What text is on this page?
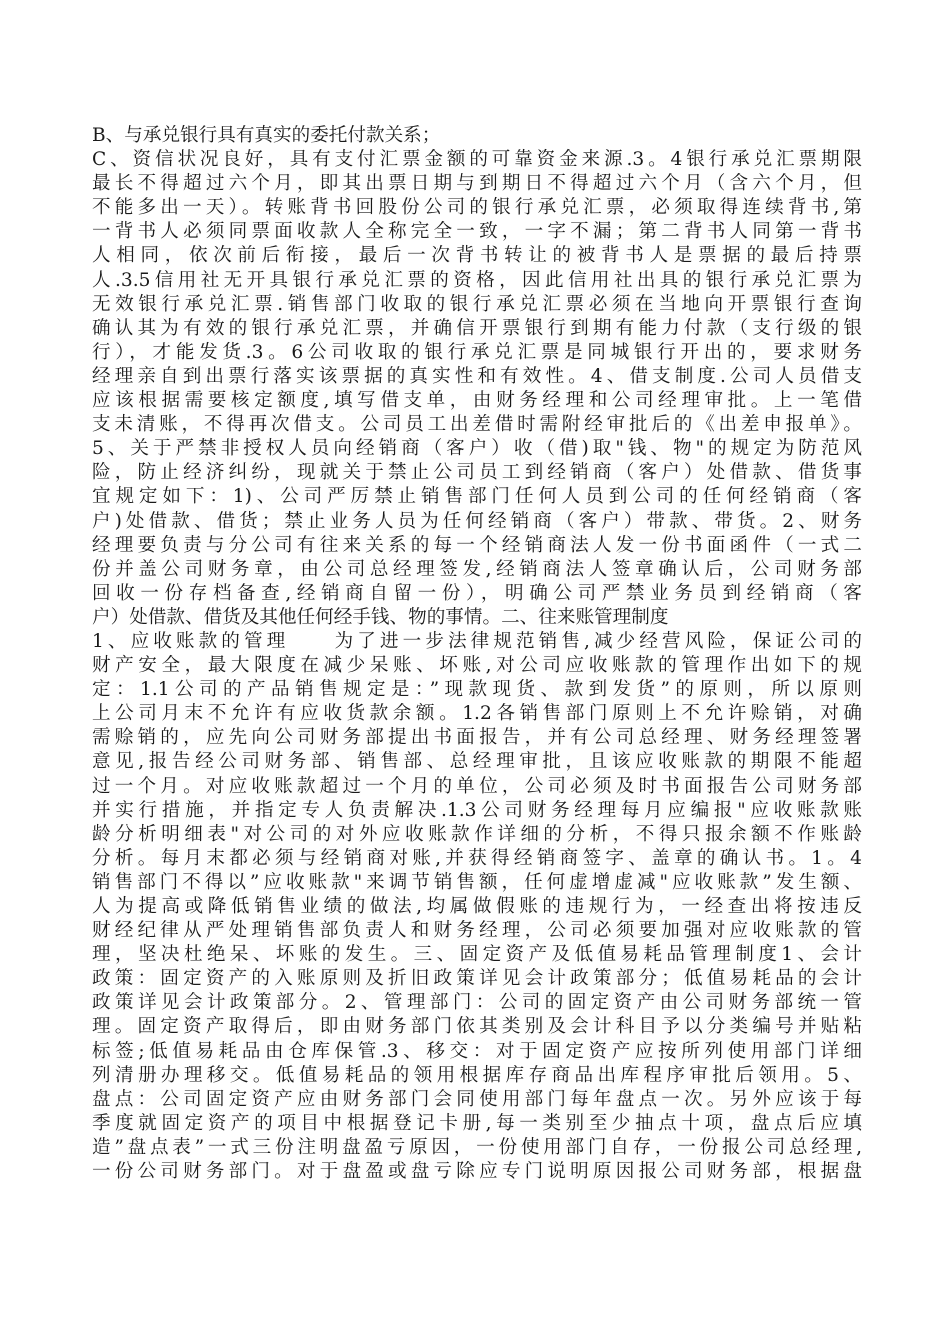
B、与承兑银行具有真实的委托付款关系；
C、资信状况良好，具有支付汇票金额的可靠资金来源.3。4银行承兑汇票期限
最长不得超过六个月，即其出票日期与到期日不得超过六个月（含六个月，但
不能多出一天）。转账背书回股份公司的银行承兑汇票，必须取得连续背书,第
一背书人必须同票面收款人全称完全一致，一字不漏；第二背书人同第一背书
人相同，依次前后衔接，最后一次背书转让的被背书人是票据的最后持票
人.3.5信用社无开具银行承兑汇票的资格，因此信用社出具的银行承兑汇票为
无效银行承兑汇票.销售部门收取的银行承兑汇票必须在当地向开票银行查询
确认其为有效的银行承兑汇票，并确信开票银行到期有能力付款（支行级的银
行），才能发货.3。6公司收取的银行承兑汇票是同城银行开出的，要求财务
经理亲自到出票行落实该票据的真实性和有效性。4、借支制度.公司人员借支
应该根据需要核定额度,填写借支单，由财务经理和公司经理审批。上一笔借
支未清账，不得再次借支。公司员工出差借时需附经审批后的《出差申报单》。
5、关于严禁非授权人员向经销商（客户）收（借)取"钱、物"的规定为防范风
险，防止经济纠纷，现就关于禁止公司员工到经销商（客户）处借款、借货事
宜规定如下：1)、公司严厉禁止销售部门任何人员到公司的任何经销商（客
户)处借款、借货；禁止业务人员为任何经销商（客户）带款、带货。2、财务
经理要负责与分公司有往来关系的每一个经销商法人发一份书面函件（一式二
份并盖公司财务章，由公司总经理签发,经销商法人签章确认后，公司财务部
回收一份存档备查,经销商自留一份），明确公司严禁业务员到经销商（客
户）处借款、借货及其他任何经手钱、物的事情。二、往来账管理制度
1、应收账款的管理　　为了进一步法律规范销售,减少经营风险，保证公司的
财产安全，最大限度在减少呆账、坏账,对公司应收账款的管理作出如下的规
定：1.1公司的产品销售规定是：”现款现货、款到发货”的原则，所以原则
上公司月末不允许有应收货款余额。1.2各销售部门原则上不允许赊销，对确
需赊销的，应先向公司财务部提出书面报告，并有公司总经理、财务经理签署
意见,报告经公司财务部、销售部、总经理审批，且该应收账款的期限不能超
过一个月。对应收账款超过一个月的单位，公司必须及时书面报告公司财务部
并实行措施，并指定专人负责解决.1.3公司财务经理每月应编报"应收账款账
龄分析明细表"对公司的对外应收账款作详细的分析，不得只报余额不作账龄
分析。每月末都必须与经销商对账,并获得经销商签字、盖章的确认书。1。4
销售部门不得以”应收账款"来调节销售额，任何虚增虚减"应收账款”发生额、
人为提高或降低销售业绩的做法,均属做假账的违规行为，一经查出将按违反
财经纪律从严处理销售部负责人和财务经理，公司必须要加强对应收账款的管
理，坚决杜绝呆、坏账的发生。三、固定资产及低值易耗品管理制度1、会计
政策：固定资产的入账原则及折旧政策详见会计政策部分；低值易耗品的会计
政策详见会计政策部分。2、管理部门：公司的固定资产由公司财务部统一管
理。固定资产取得后，即由财务部门依其类别及会计科目予以分类编号并贴粘
标签;低值易耗品由仓库保管.3、移交：对于固定资产应按所列使用部门详细
列清册办理移交。低值易耗品的领用根据库存商品出库程序审批后领用。5、
盘点：公司固定资产应由财务部门会同使用部门每年盘点一次。另外应该于每
季度就固定资产的项目中根据登记卡册,每一类别至少抽点十项，盘点后应填
造”盘点表”一式三份注明盘盈亏原因，一份使用部门自存，一份报公司总经理,
一份公司财务部门。对于盘盈或盘亏除应专门说明原因报公司财务部，根据盘
